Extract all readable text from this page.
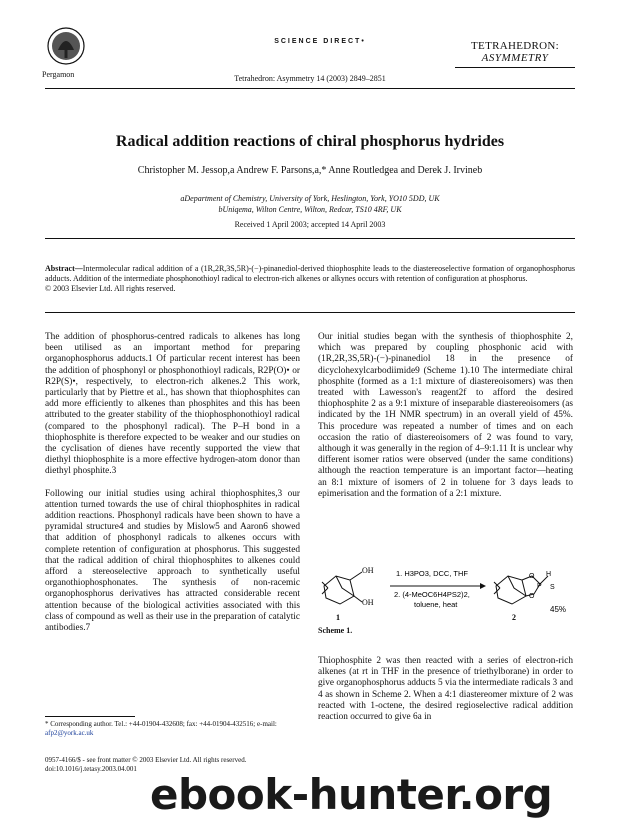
Pergamon
SCIENCE DIRECT•
Tetrahedron: Asymmetry 14 (2003) 2849–2851
TETRAHEDRON:
ASYMMETRY
Radical addition reactions of chiral phosphorus hydrides
Christopher M. Jessop,a Andrew F. Parsons,a,* Anne Routledgea and Derek J. Irvineb
aDepartment of Chemistry, University of York, Heslington, York, YO10 5DD, UK
bUniqema, Wilton Centre, Wilton, Redcar, TS10 4RF, UK
Received 1 April 2003; accepted 14 April 2003
Abstract—Intermolecular radical addition of a (1R,2R,3S,5R)-(−)-pinanediol-derived thiophosphite leads to the diastereoselective formation of organophosphorus adducts. Addition of the intermediate phosphonothioyl radical to electron-rich alkenes or alkynes occurs with retention of configuration at phosphorus.
© 2003 Elsevier Ltd. All rights reserved.

The addition of phosphorus-centred radicals to alkenes has long been utilised as an important method for preparing organophosphorus adducts.1 Of particular recent interest has been the addition of phosphonyl or phosphonothioyl radicals, R2P(O)• or R2P(S)•, respectively, to electron-rich alkenes.2 This work, particularly that by Piettre et al., has shown that thiophosphites can add more efficiently to alkenes than phosphites and this has been attributed to the greater stability of the thiophosphonothioyl radical (compared to the phosphonyl radical). The P–H bond in a thiophosphite is therefore expected to be weaker and our studies on the cyclisation of dienes have recently supported the view that diethyl thiophosphite is a more effective hydrogen-atom donor than diethyl phosphite.3

Following our initial studies using achiral thiophosphites,3 our attention turned towards the use of chiral thiophosphites in radical addition reactions. Phosphonyl radicals have been shown to have a pyramidal structure4 and studies by Mislow5 and Aaron6 showed that addition of phosphonyl radicals to alkenes occurs with complete retention of configuration at phosphorus. This suggested that the radical addition of chiral thiophosphites to alkenes could afford a stereoselective approach to synthetically useful organothiophosphonates. The synthesis of non-racemic organophosphorus derivatives has attracted considerable recent attention because of the biological activities associated with this class of compound as well as their use in the preparation of catalytic antibodies.7

Our initial studies began with the synthesis of thiophosphite 2, which was prepared by coupling phosphonic acid with (1R,2R,3S,5R)-(−)-pinanediol 18 in the presence of dicyclohexylcarbodiimide9 (Scheme 1).10 The intermediate chiral phosphite (formed as a 1:1 mixture of diastereoisomers) was then treated with Lawesson's reagent2f to afford the desired thiophosphite 2 as a 9:1 mixture of inseparable diastereoisomers (as indicated by the 1H NMR spectrum) in an overall yield of 45%. This procedure was repeated a number of times and on each occasion the ratio of diastereoisomers of 2 was found to vary, although it was generally in the region of 4–9:1.11 It is unclear why different isomer ratios were observed (under the same conditions) although the reaction temperature is an important factor—heating an 8:1 mixture of isomers of 2 in toluene for 3 days leads to epimerisation and the formation of a 2:1 mixture.

OH
OH
1
1. H3PO3, DCC, THF
2. (4-MeOC6H4PS2)2,
toluene, heat
O
O
P
H
S
2
45%
Scheme 1.

Thiophosphite 2 was then reacted with a series of electron-rich alkenes (at rt in THF in the presence of triethylborane) in order to give organophosphorus adducts 5 via the intermediate radicals 3 and 4 as shown in Scheme 2. When a 4:1 diastereomer mixture of 2 was reacted with 1-octene, the desired regioselective radical addition reaction occurred to give 6a in

* Corresponding author. Tel.: +44-01904-432608; fax: +44-01904-432516; e-mail: afp2@york.ac.uk
0957-4166/$ - see front matter © 2003 Elsevier Ltd. All rights reserved.
doi:10.1016/j.tetasy.2003.04.001
ebook-hunter.org
